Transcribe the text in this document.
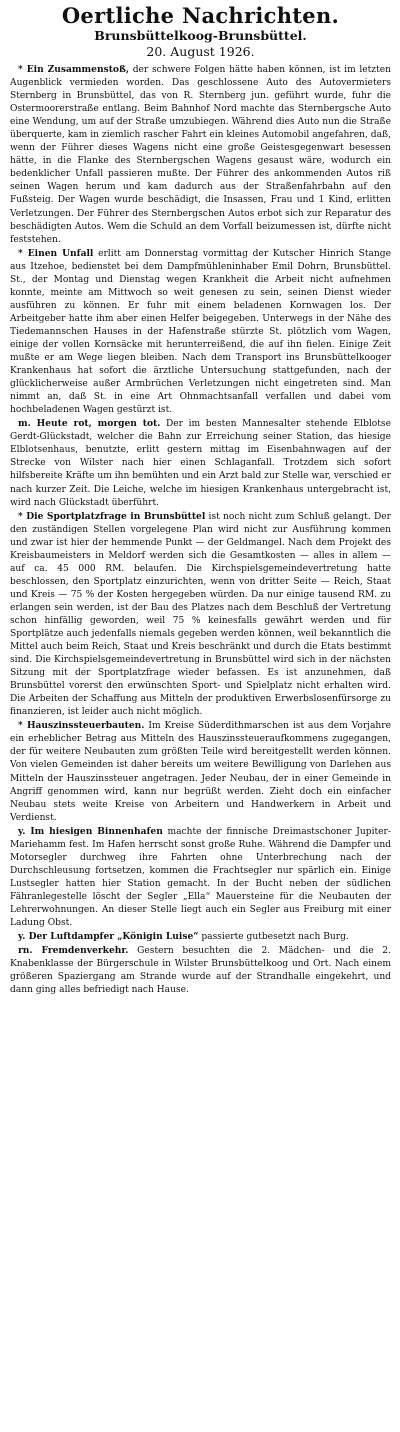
Oertliche Nachrichten.
Brunsbüttelkoog-Brunsbüttel.
20. August 1926.

* Ein Zusammenstoß, der schwere Folgen hätte haben können, ist im letzten Augenblick vermieden worden. Das geschlossene Auto des Autovermieters Sternberg in Brunsbüttel, das von R. Sternberg jun. geführt wurde, fuhr die Ostermoorerstraße entlang. Beim Bahnhof Nord machte das Sternbergsche Auto eine Wendung, um auf der Straße umzubiegen. Während dies Auto nun die Straße überquerte, kam in ziemlich rascher Fahrt ein kleines Automobil angefahren, daß, wenn der Führer dieses Wagens nicht eine große Geistesgegenwart besessen hätte, in die Flanke des Sternbergschen Wagens gesaust wäre, wodurch ein bedenklicher Unfall passieren mußte. Der Führer des ankommenden Autos riß seinen Wagen herum und kam dadurch aus der Straßenfahrbahn auf den Fußsteig. Der Wagen wurde beschädigt, die Insassen, Frau und 1 Kind, erlitten Verletzungen. Der Führer des Sternbergschen Autos erbot sich zur Reparatur des beschädigten Autos. Wem die Schuld an dem Vorfall beizumessen ist, dürfte nicht feststehen.

* Einen Unfall erlitt am Donnerstag vormittag der Kutscher Hinrich Stange aus Itzehoe, bedienstet bei dem Dampfmühleninhaber Emil Dohrn, Brunsbüttel. St., der Montag und Dienstag wegen Krankheit die Arbeit nicht aufnehmen konnte, meinte am Mittwoch so weit genesen zu sein, seinen Dienst wieder ausführen zu können. Er fuhr mit einem beladenen Kornwagen los. Der Arbeitgeber hatte ihm aber einen Helfer beigegeben. Unterwegs in der Nähe des Tiedemannschen Hauses in der Hafenstraße stürzte St. plötzlich vom Wagen, einige der vollen Kornsäcke mit herunterreißend, die auf ihn fielen. Einige Zeit mußte er am Wege liegen bleiben. Nach dem Transport ins Brunsbüttelkooger Krankenhaus hat sofort die ärztliche Untersuchung stattgefunden, nach der glücklicherweise außer Armbrüchen Verletzungen nicht eingetreten sind. Man nimmt an, daß St. in eine Art Ohnmachtsanfall verfallen und dabei vom hochbeladenen Wagen gestürzt ist.

m. Heute rot, morgen tot. Der im besten Mannesalter stehende Elblotse Gerdt-Glückstadt, welcher die Bahn zur Erreichung seiner Station, das hiesige Elblotsenhaus, benutzte, erlitt gestern mittag im Eisenbahnwagen auf der Strecke von Wilster nach hier einen Schlaganfall. Trotzdem sich sofort hilfsbereite Kräfte um ihn bemühten und ein Arzt bald zur Stelle war, verschied er nach kurzer Zeit. Die Leiche, welche im hiesigen Krankenhaus untergebracht ist, wird nach Glückstadt überführt.

* Die Sportplatzfrage in Brunsbüttel ist noch nicht zum Schluß gelangt. Der den zuständigen Stellen vorgelegene Plan wird nicht zur Ausführung kommen und zwar ist hier der hemmende Punkt — der Geldmangel. Nach dem Projekt des Kreisbaumeisters in Meldorf werden sich die Gesamtkosten — alles in allem — auf ca. 45 000 RM. belaufen. Die Kirchspielsgemeindevertretung hatte beschlossen, den Sportplatz einzurichten, wenn von dritter Seite — Reich, Staat und Kreis — 75 % der Kosten hergegeben würden. Da nur einige tausend RM. zu erlangen sein werden, ist der Bau des Platzes nach dem Beschluß der Vertretung schon hinfällig geworden, weil 75 % keinesfalls gewährt werden und für Sportplätze auch jedenfalls niemals gegeben werden können, weil bekanntlich die Mittel auch beim Reich, Staat und Kreis beschränkt und durch die Etats bestimmt sind. Die Kirchspielsgemeindevertretung in Brunsbüttel wird sich in der nächsten Sitzung mit der Sportplatzfrage wieder befassen. Es ist anzunehmen, daß Brunsbüttel vorerst den erwünschten Sport- und Spielplatz nicht erhalten wird. Die Arbeiten der Schaffung aus Mitteln der produktiven Erwerbslosenfürsorge zu finanzieren, ist leider auch nicht möglich.

* Hauszinssteuerbauten. Im Kreise Süderdithmarschen ist aus dem Vorjahre ein erheblicher Betrag aus Mitteln des Hauszinssteueraufkommens zugegangen, der für weitere Neubauten zum größten Teile wird bereitgestellt werden können. Von vielen Gemeinden ist daher bereits um weitere Bewilligung von Darlehen aus Mitteln der Hauszinssteuer angetragen. Jeder Neubau, der in einer Gemeinde in Angriff genommen wird, kann nur begrüßt werden. Zieht doch ein einfacher Neubau stets weite Kreise von Arbeitern und Handwerkern in Arbeit und Verdienst.

y. Im hiesigen Binnenhafen machte der finnische Dreimastschoner Jupiter-Mariehamm fest. Im Hafen herrscht sonst große Ruhe. Während die Dampfer und Motorsegler durchweg ihre Fahrten ohne Unterbrechung nach der Durchschleusung fortsetzen, kommen die Frachtsegler nur spärlich ein. Einige Lustsegler hatten hier Station gemacht. In der Bucht neben der südlichen Fähranlegestelle löscht der Segler „Ella“ Mauersteine für die Neubauten der Lehrerwohnungen. An dieser Stelle liegt auch ein Segler aus Freiburg mit einer Ladung Obst.

y. Der Luftdampfer „Königin Luise“ passierte gutbesetzt nach Burg.

rn. Fremdenverkehr. Gestern besuchten die 2. Mädchen- und die 2. Knabenklasse der Bürgerschule in Wilster Brunsbüttelkoog und Ort. Nach einem größeren Spaziergang am Strande wurde auf der Strandhalle eingekehrt, und dann ging alles befriedigt nach Hause.
